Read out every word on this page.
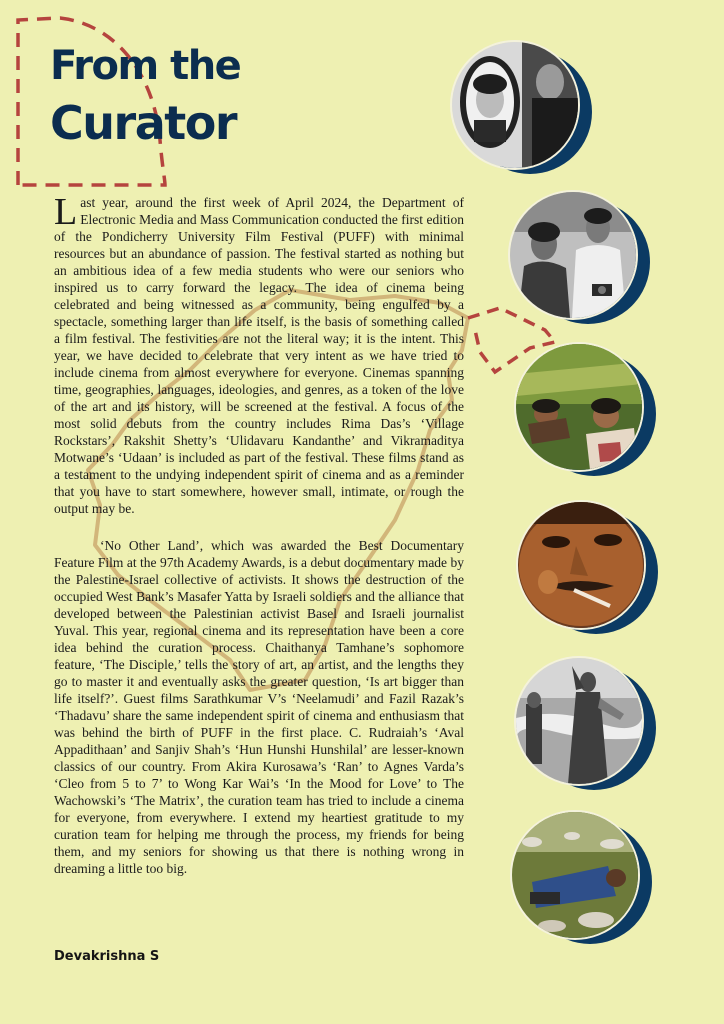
From the
Curator

Last year, around the first week of April 2024, the Department of Electronic Media and Mass Communication conducted the first edition of the Pondicherry University Film Festival (PUFF) with minimal resources but an abundance of passion. The festival started as nothing but an ambitious idea of a few media students who were our seniors who inspired us to carry forward the legacy. The idea of cinema being celebrated and being witnessed as a community, being engulfed by a spectacle, something larger than life itself, is the basis of something called a film festival. The festivities are not the literal way; it is the intent. This year, we have decided to celebrate that very intent as we have tried to include cinema from almost everywhere for everyone. Cinemas spanning time, geographies, languages, ideologies, and genres, as a token of the love of the art and its history, will be screened at the festival. A focus of the most solid debuts from the country includes Rima Das’s ‘Village Rockstars’, Rakshit Shetty’s ‘Ulidavaru Kandanthe’ and Vikramaditya Motwane’s ‘Udaan’ is included as part of the festival. These films stand as a testament to the undying independent spirit of cinema and as a reminder that you have to start somewhere, however small, intimate, or rough the output may be.

‘No Other Land’, which was awarded the Best Documentary Feature Film at the 97th Academy Awards, is a debut documentary made by the Palestine-Israel collective of activists. It shows the destruction of the occupied West Bank’s Masafer Yatta by Israeli soldiers and the alliance that developed between the Palestinian activist Basel and Israeli journalist Yuval. This year, regional cinema and its representation have been a core idea behind the curation process. Chaithanya Tamhane’s sophomore feature, ‘The Disciple,’ tells the story of art, an artist, and the lengths they go to master it and eventually asks the greater question, ‘Is art bigger than life itself?’. Guest films Sarathkumar V’s ‘Neelamudi’ and Fazil Razak’s ‘Thadavu’ share the same independent spirit of cinema and enthusiasm that was behind the birth of PUFF in the first place. C. Rudraiah’s ‘Aval Appadithaan’ and Sanjiv Shah’s ‘Hun Hunshi Hunshilal’ are lesser-known classics of our country. From Akira Kurosawa’s ‘Ran’ to Agnes Varda’s ‘Cleo from 5 to 7’ to Wong Kar Wai’s ‘In the Mood for Love’ to The Wachowski’s ‘The Matrix’, the curation team has tried to include a cinema for everyone, from everywhere. I extend my heartiest gratitude to my curation team for helping me through the process, my friends for being them, and my seniors for showing us that there is nothing wrong in dreaming a little too big.

Devakrishna S
